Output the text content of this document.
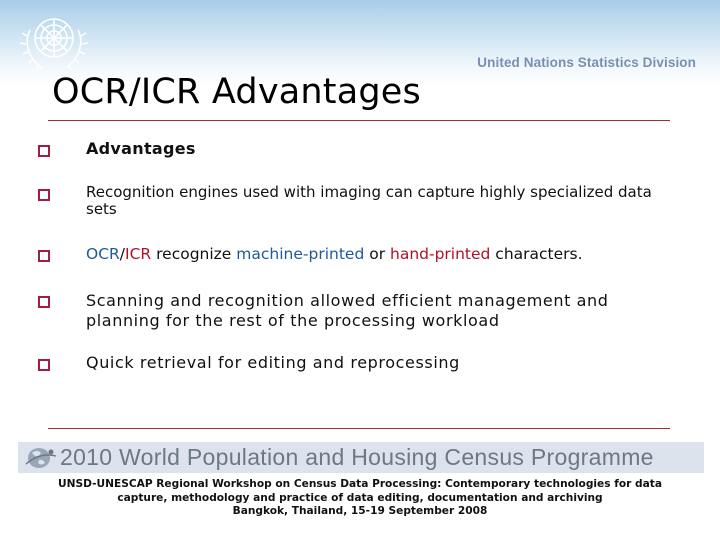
United Nations Statistics Division
OCR/ICR Advantages
Advantages
Recognition engines used with imaging can capture highly specialized data sets
OCR/ICR recognize machine-printed or hand-printed characters.
Scanning and recognition allowed efficient management and planning for the rest of the processing workload
Quick retrieval for editing and reprocessing
2010 World Population and Housing Census Programme
UNSD-UNESCAP Regional Workshop on Census Data Processing: Contemporary technologies for data
capture, methodology and practice of data editing, documentation and archiving
Bangkok, Thailand, 15-19 September 2008
